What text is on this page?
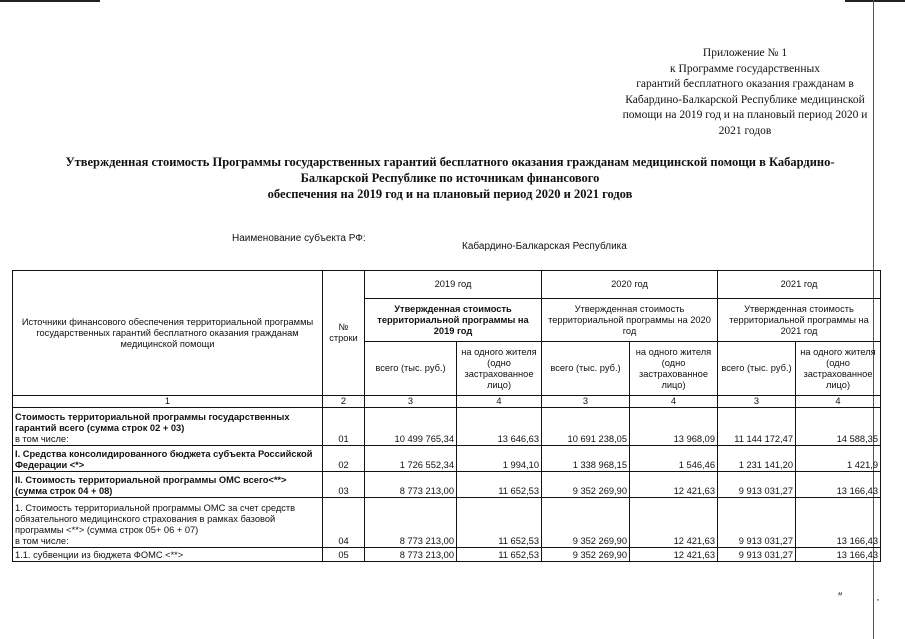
″	·
Приложение № 1
к Программе государственных
гарантий бесплатного оказания гражданам в
Кабардино-Балкарской Республике медицинской
помощи на 2019 год и на плановый период 2020 и
2021 годов
Утвержденная стоимость Программы государственных гарантий бесплатного оказания гражданам медицинской помощи в Кабардино-
Балкарской Республике по источникам финансового
обеспечения на 2019 год и на плановый период 2020 и 2021 годов
Наименование субъекта РФ:
Кабардино-Балкарская Республика
Источники финансового обеспечения территориальной программы государственных гарантий бесплатного оказания гражданам медицинской помощи	№ строки	2019 год		2020 год		2021 год	
		Утвержденная стоимость территориальной программы на 2019 год		Утвержденная стоимость территориальной программы на 2020 год		Утвержденная стоимость территориальной программы на 2021 год	
		всего (тыс. руб.)	на одного жителя (одно застрахованное лицо)	всего (тыс. руб.)	на одного жителя (одно застрахованное лицо)	всего (тыс. руб.)	на одного жителя (одно застрахованное лицо)
1	2	3	4	3	4	3	4
Стоимость территориальной программы государственных гарантий всего (сумма строк 02 + 03)
в том числе:	01	10 499 765,34	13 646,63	10 691 238,05	13 968,09	11 144 172,47	14 588,35
I. Средства консолидированного бюджета субъекта Российской Федерации <*>	02	1 726 552,34	1 994,10	1 338 968,15	1 546,46	1 231 141,20	1 421,9
II. Стоимость территориальной программы ОМС всего<**> (сумма строк 04 + 08)	03	8 773 213,00	11 652,53	9 352 269,90	12 421,63	9 913 031,27	13 166,43
1. Стоимость территориальной программы ОМС за счет средств обязательного медицинского страхования в рамках базовой программы <**> (сумма строк 05+ 06 + 07)
в том числе:	04	8 773 213,00	11 652,53	9 352 269,90	12 421,63	9 913 031,27	13 166,43
1.1. субвенции из бюджета ФОМС <**>	05	8 773 213,00	11 652,53	9 352 269,90	12 421,63	9 913 031,27	13 166,43
